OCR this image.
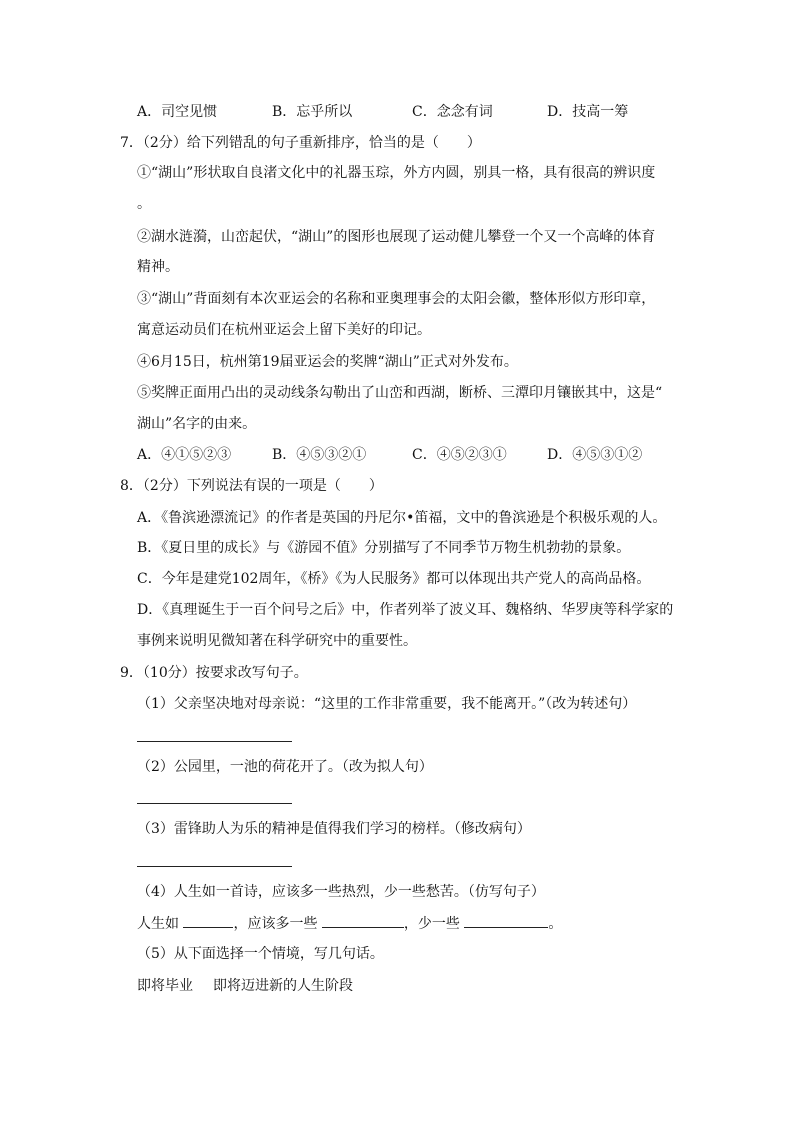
A．司空见惯	B．忘乎所以	C．念念有词	D．技高一筹
7．（2分）给下列错乱的句子重新排序，恰当的是（　　）
①“湖山”形状取自良渚文化中的礼器玉琮，外方内圆，别具一格，具有很高的辨识度
。
②湖水涟漪，山峦起伏，“湖山”的图形也展现了运动健儿攀登一个又一个高峰的体育
精神。
③“湖山”背面刻有本次亚运会的名称和亚奥理事会的太阳会徽，整体形似方形印章，
寓意运动员们在杭州亚运会上留下美好的印记。
④6月15日，杭州第19届亚运会的奖牌“湖山”正式对外发布。
⑤奖牌正面用凸出的灵动线条勾勒出了山峦和西湖，断桥、三潭印月镶嵌其中，这是“
湖山”名字的由来。
A．④①⑤②③	B．④⑤③②①	C．④⑤②③①	D．④⑤③①②
8．（2分）下列说法有误的一项是（　　）
A．《鲁滨逊漂流记》的作者是英国的丹尼尔•笛福，文中的鲁滨逊是个积极乐观的人。
B．《夏日里的成长》与《游园不值》分别描写了不同季节万物生机勃勃的景象。
C．今年是建党102周年，《桥》《为人民服务》都可以体现出共产党人的高尚品格。
D．《真理诞生于一百个问号之后》中，作者列举了波义耳、魏格纳、华罗庚等科学家的
事例来说明见微知著在科学研究中的重要性。
9．（10分）按要求改写句子。
（1）父亲坚决地对母亲说：“这里的工作非常重要，我不能离开。”（改为转述句）
（2）公园里，一池的荷花开了。（改为拟人句）
（3）雷锋助人为乐的精神是值得我们学习的榜样。（修改病句）
（4）人生如一首诗，应该多一些热烈，少一些愁苦。（仿写句子）
人生如	，应该多一些	，少一些	。
（5）从下面选择一个情境，写几句话。
即将毕业 即将迈进新的人生阶段
